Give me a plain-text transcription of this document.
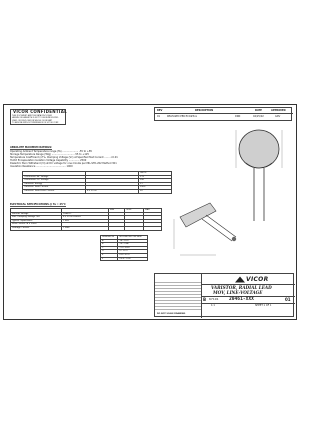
VICOR CONFIDENTIAL
THIS DOCUMENT AND THE DATA DISCLOSED
HEREIN OR HEREWITH IS NOT TO BE REPRODUCED,
USED, OR DISCLOSED IN WHOLE OR IN PART
TO ANYONE WITHOUT PERMISSION OF VICOR CORP.
REV	DESCRIPTION	DATE	APPROVED
01	RELEASED PER ECO#3xx	DRN	04/25/02	GDV
ABSOLUTE MAXIMUM RATINGS:
Operating Ambient Temperature range (Ta) ..................... -55 to +85
Storage Temperature Range (Tstg) ............................. -55 to +125
Temperature Coefficient (of Vₙ Clamping Voltage (Vc) at Specified Test Current ....... <0.01
Hi-Pot Encapsulation Isolation Voltage Capability .............. 2500
Dielectric Burn Withstand (Vi) at DC voltage for one minute per MIL-STD-202 Method 301
Insulation Resistance ....................................... 1000
		UNITS
Continuous: AC Voltage		275
Continuous: DC Voltage		350
Transient: Energy		21
Transient: Peak Current		2500
Transient: Peak Pulse Current	8 x 20 us	50
ELECTRICAL SPECIFICATIONS @ Ta = 25°C
		MIN	NOM	MAX
Varistor Voltage	1mA DC			
Max Clamping Voltage (Vc)	8 x 20 us current			
Typical Capacitance	1 kHz			
Peak Current (8 x 20us)				
Leakage Current	1 MHz			
DIMENSION	MILLIMETER (INCHES)
A	14 (.551)
B	19 (.748)
C	7.5 (.295)
D	5 (.197)
E	0.8 (.031)
F	25.4 (1.00)
VICOR
VARISTOR, RADIAL LEAD
MOV, LINE-VOLTAGE
B 67191 20461-XXX	01
1:1	SHEET 1 OF 1
DO NOT SCALE DRAWING
